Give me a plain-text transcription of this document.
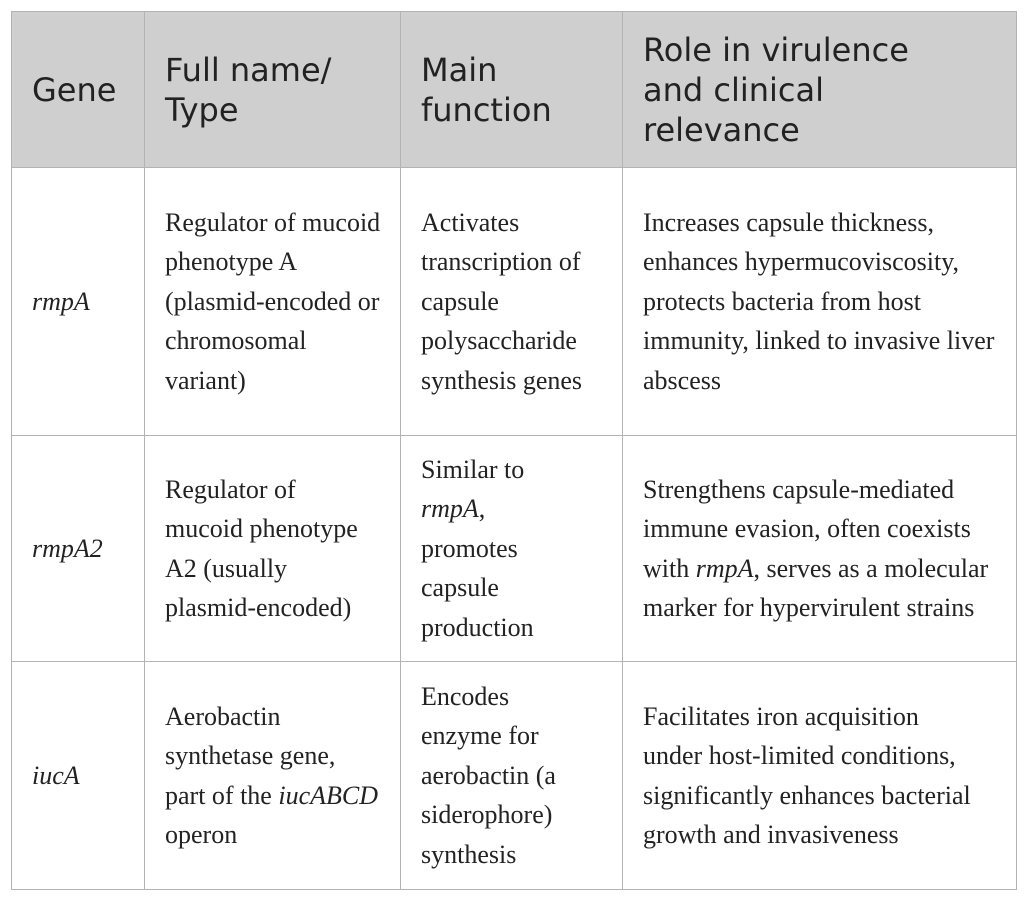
Gene	Full name/ Type	Main function	Role in virulence and clinical relevance
rmpA	Regulator of mucoid phenotype A (plasmid-encoded or chromosomal variant)	Activates transcription of capsule polysaccharide synthesis genes	Increases capsule thickness, enhances hypermucoviscosity, protects bacteria from host immunity, linked to invasive liver abscess
rmpA2	Regulator of mucoid phenotype A2 (usually plasmid-encoded)	Similar to rmpA, promotes capsule production	Strengthens capsule-mediated immune evasion, often coexists with rmpA, serves as a molecular marker for hypervirulent strains
iucA	Aerobactin synthetase gene, part of the iucABCD operon	Encodes enzyme for aerobactin (a siderophore) synthesis	Facilitates iron acquisition under host-limited conditions, significantly enhances bacterial growth and invasiveness
